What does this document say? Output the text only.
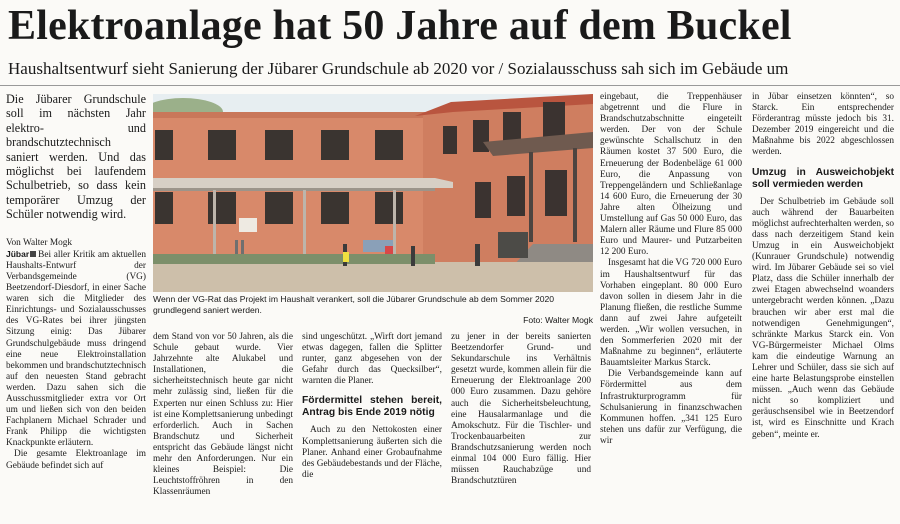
Elektroanlage hat 50 Jahre auf dem Buckel
Haushaltsentwurf sieht Sanierung der Jübarer Grundschule ab 2020 vor / Sozialausschuss sah sich im Gebäude um
Die Jübarer Grundschule soll im nächsten Jahr elektro- und brandschutztechnisch saniert werden. Und das möglichst bei laufendem Schulbetrieb, so dass kein temporärer Umzug der Schüler notwendig wird.
Von Walter Mogk

Jübar Bei aller Kritik am aktuellen Haushalts-Entwurf der Verbandsgemeinde (VG) Beetzendorf-Diesdorf, in einer Sache waren sich die Mitglieder des Einrichtungs- und Sozialausschusses des VG-Rates bei ihrer jüngsten Sitzung einig: Das Jübarer Grundschulgebäude muss dringend eine neue Elektroinstallation bekommen und brandschutztechnisch auf den neuesten Stand gebracht werden. Dazu sahen sich die Ausschussmitglieder extra vor Ort um und ließen sich von den beiden Fachplanern Michael Schrader und Frank Philipp die wichtigsten Knackpunkte erläutern.

Die gesamte Elektroanlage im Gebäude befindet sich auf

Wenn der VG-Rat das Projekt im Haushalt verankert, soll die Jübarer Grundschule ab dem Sommer 2020 grundlegend saniert werden.
Foto: Walter Mogk

dem Stand von vor 50 Jahren, als die Schule gebaut wurde. Vier Jahrzehnte alte Alukabel und Installationen, die sicherheitstechnisch heute gar nicht mehr zulässig sind, ließen für die Experten nur einen Schluss zu: Hier ist eine Komplettsanierung unbedingt erforderlich. Auch in Sachen Brandschutz und Sicherheit entspricht das Gebäude längst nicht mehr den Anforderungen. Nur ein kleines Beispiel: Die Leuchtstoffröhren in den Klassenräumen

sind ungeschützt. „Wirft dort jemand etwas dagegen, fallen die Splitter runter, ganz abgesehen von der Gefahr durch das Quecksilber“, warnten die Planer.

Fördermittel stehen bereit, Antrag bis Ende 2019 nötig

Auch zu den Nettokosten einer Komplettsanierung äußerten sich die Planer. Anhand einer Grobaufnahme des Gebäudebestands und der Fläche, die

zu jener in der bereits sanierten Beetzendorfer Grund- und Sekundarschule ins Verhältnis gesetzt wurde, kommen allein für die Erneuerung der Elektroanlage 200 000 Euro zusammen. Dazu gehöre auch die Sicherheitsbeleuchtung, eine Hausalarmanlage und die Amokschutz. Für die Tischler- und Trockenbauarbeiten zur Brandschutzsanierung werden noch einmal 104 000 Euro fällig. Hier müssen Rauchabzüge und Brandschutztüren

eingebaut, die Treppenhäuser abgetrennt und die Flure in Brandschutzabschnitte eingeteilt werden. Der von der Schule gewünschte Schallschutz in den Räumen kostet 37 500 Euro, die Erneuerung der Bodenbeläge 61 000 Euro, die Anpassung von Treppengeländern und Schließanlage 14 600 Euro, die Erneuerung der 30 Jahre alten Ölheizung und Umstellung auf Gas 50 000 Euro, das Malern aller Räume und Flure 85 000 Euro und Maurer- und Putzarbeiten 12 200 Euro.

Insgesamt hat die VG 720 000 Euro im Haushaltsentwurf für das Vorhaben eingeplant. 80 000 Euro davon sollen in diesem Jahr in die Planung fließen, die restliche Summe dann auf zwei Jahre aufgeteilt werden. „Wir wollen versuchen, in den Sommerferien 2020 mit der Maßnahme zu beginnen“, erläuterte Bauamtsleiter Markus Starck.

Die Verbandsgemeinde kann auf Fördermittel aus dem Infrastrukturprogramm für Schulsanierung in finanzschwachen Kommunen hoffen. „341 125 Euro stehen uns dafür zur Verfügung, die wir

in Jübar einsetzen könnten“, so Starck. Ein entsprechender Förderantrag müsste jedoch bis 31. Dezember 2019 eingereicht und die Maßnahme bis 2022 abgeschlossen werden.

Umzug in Ausweichobjekt soll vermieden werden

Der Schulbetrieb im Gebäude soll auch während der Bauarbeiten möglichst aufrechterhalten werden, so dass nach derzeitigem Stand kein Umzug in ein Ausweichobjekt (Kunrauer Grundschule) notwendig wird. Im Jübarer Gebäude sei so viel Platz, dass die Schüler innerhalb der zwei Etagen abwechselnd woanders untergebracht werden können. „Dazu brauchen wir aber erst mal die notwendigen Genehmigungen“, schränkte Markus Starck ein. Von VG-Bürgermeister Michael Olms kam die eindeutige Warnung an Lehrer und Schüler, dass sie sich auf eine harte Belastungsprobe einstellen müssen. „Auch wenn das Gebäude nicht so kompliziert und geräuschsensibel wie in Beetzendorf ist, wird es Einschnitte und Krach geben“, meinte er.
